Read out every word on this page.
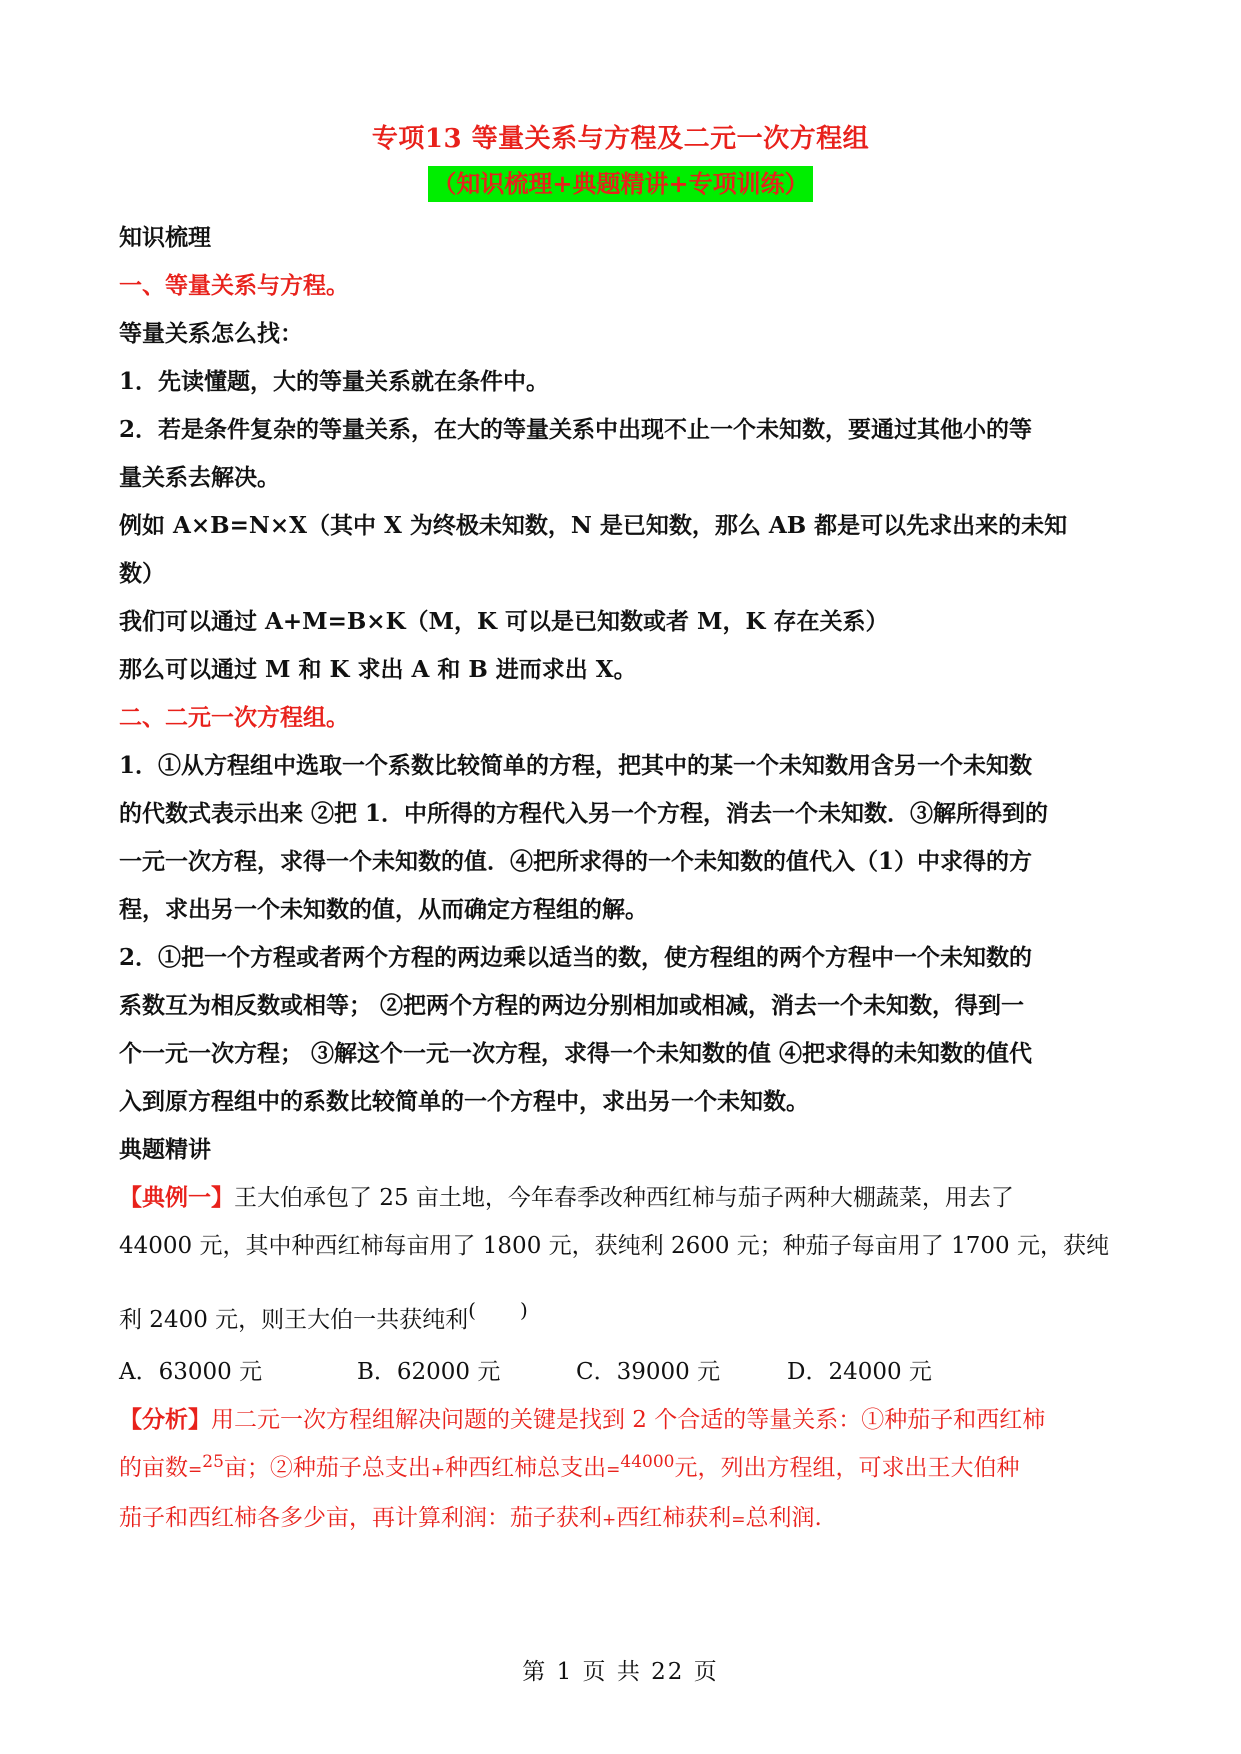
专项13 等量关系与方程及二元一次方程组
（知识梳理+典题精讲+专项训练）
知识梳理
一、等量关系与方程。
等量关系怎么找：
1．先读懂题，大的等量关系就在条件中。
2．若是条件复杂的等量关系，在大的等量关系中出现不止一个未知数，要通过其他小的等
量关系去解决。
例如 A×B=N×X（其中 X 为终极未知数，N 是已知数，那么 AB 都是可以先求出来的未知
数）
我们可以通过 A+M=B×K（M，K 可以是已知数或者 M，K 存在关系）
那么可以通过 M 和 K 求出 A 和 B 进而求出 X。
二、二元一次方程组。
1．①从方程组中选取一个系数比较简单的方程，把其中的某一个未知数用含另一个未知数
的代数式表示出来 ②把 1．中所得的方程代入另一个方程，消去一个未知数．③解所得到的
一元一次方程，求得一个未知数的值．④把所求得的一个未知数的值代入（1）中求得的方
程，求出另一个未知数的值，从而确定方程组的解。
2．①把一个方程或者两个方程的两边乘以适当的数，使方程组的两个方程中一个未知数的
系数互为相反数或相等； ②把两个方程的两边分别相加或相减，消去一个未知数，得到一
个一元一次方程； ③解这个一元一次方程，求得一个未知数的值 ④把求得的未知数的值代
入到原方程组中的系数比较简单的一个方程中，求出另一个未知数。
典题精讲
【典例一】王大伯承包了 25 亩土地，今年春季改种西红柿与茄子两种大棚蔬菜，用去了
44000 元，其中种西红柿每亩用了 1800 元，获纯利 2600 元；种茄子每亩用了 1700 元，获纯
利 2400 元，则王大伯一共获纯利( )
A．63000 元	B．62000 元	C．39000 元	D．24000 元
【分析】用二元一次方程组解决问题的关键是找到 2 个合适的等量关系：①种茄子和西红柿
的亩数=$^{25}$亩；②种茄子总支出+种西红柿总支出=$^{44000}$元，列出方程组，可求出王大伯种
茄子和西红柿各多少亩，再计算利润：茄子获利+西红柿获利=总利润.
第 1 页 共 22 页
